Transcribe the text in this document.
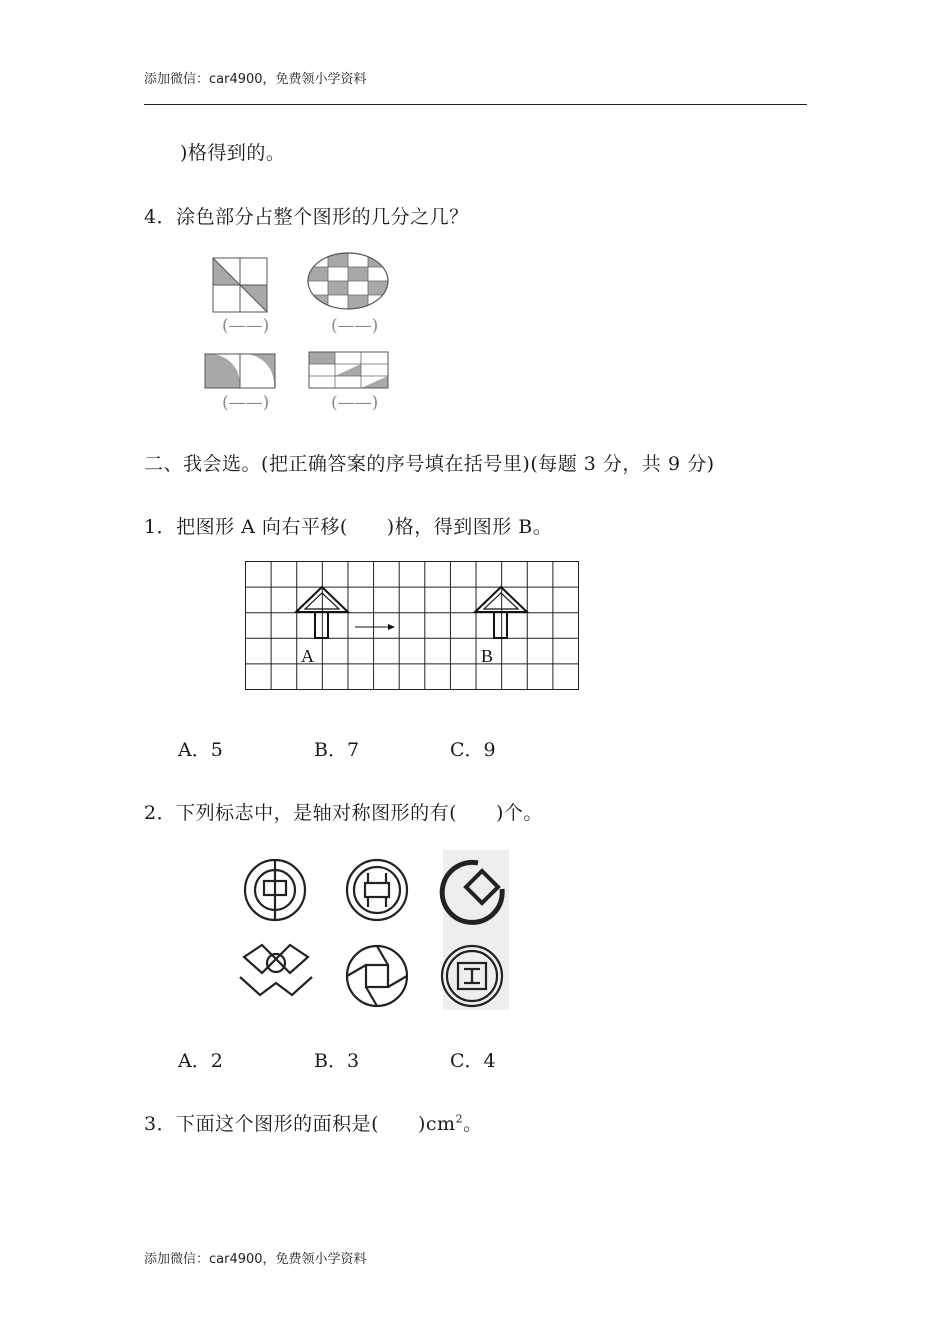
添加微信：car4900，免费领小学资料
)格得到的。
4．涂色部分占整个图形的几分之几？
(——)	(——)
(——)	(——)
二、我会选。(把正确答案的序号填在括号里)(每题 3 分，共 9 分)
1．把图形 A 向右平移(　　)格，得到图形 B。
A	B
A．5	B．7	C．9
2．下列标志中，是轴对称图形的有(　　)个。
A．2	B．3	C．4
3．下面这个图形的面积是(　　)$cm^2$。
添加微信：car4900，免费领小学资料
